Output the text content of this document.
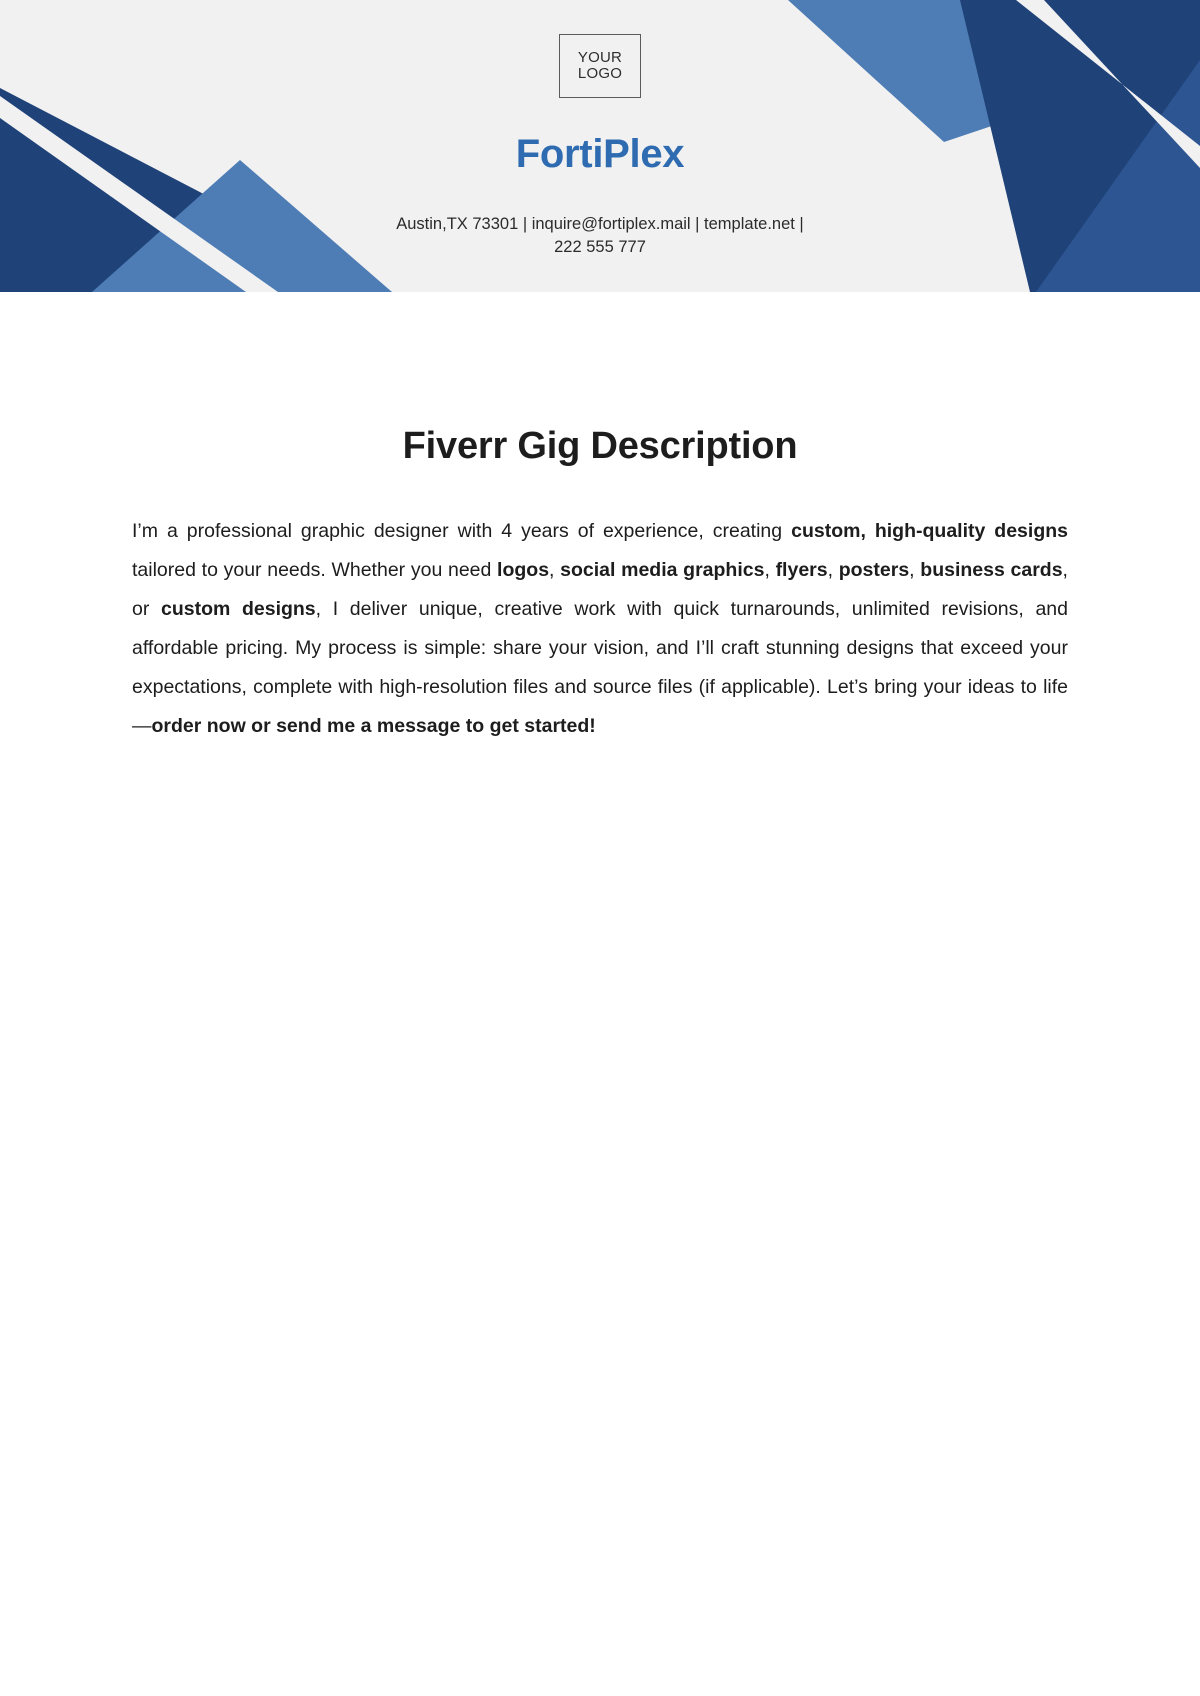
YOUR
LOGO
FortiPlex
Austin,TX 73301 | inquire@fortiplex.mail | template.net | 222 555 777
Fiverr Gig Description
I’m a professional graphic designer with 4 years of experience, creating custom, high-quality designs tailored to your needs. Whether you need logos, social media graphics, flyers, posters, business cards, or custom designs, I deliver unique, creative work with quick turnarounds, unlimited revisions, and affordable pricing. My process is simple: share your vision, and I’ll craft stunning designs that exceed your expectations, complete with high-resolution files and source files (if applicable). Let’s bring your ideas to life—order now or send me a message to get started!
